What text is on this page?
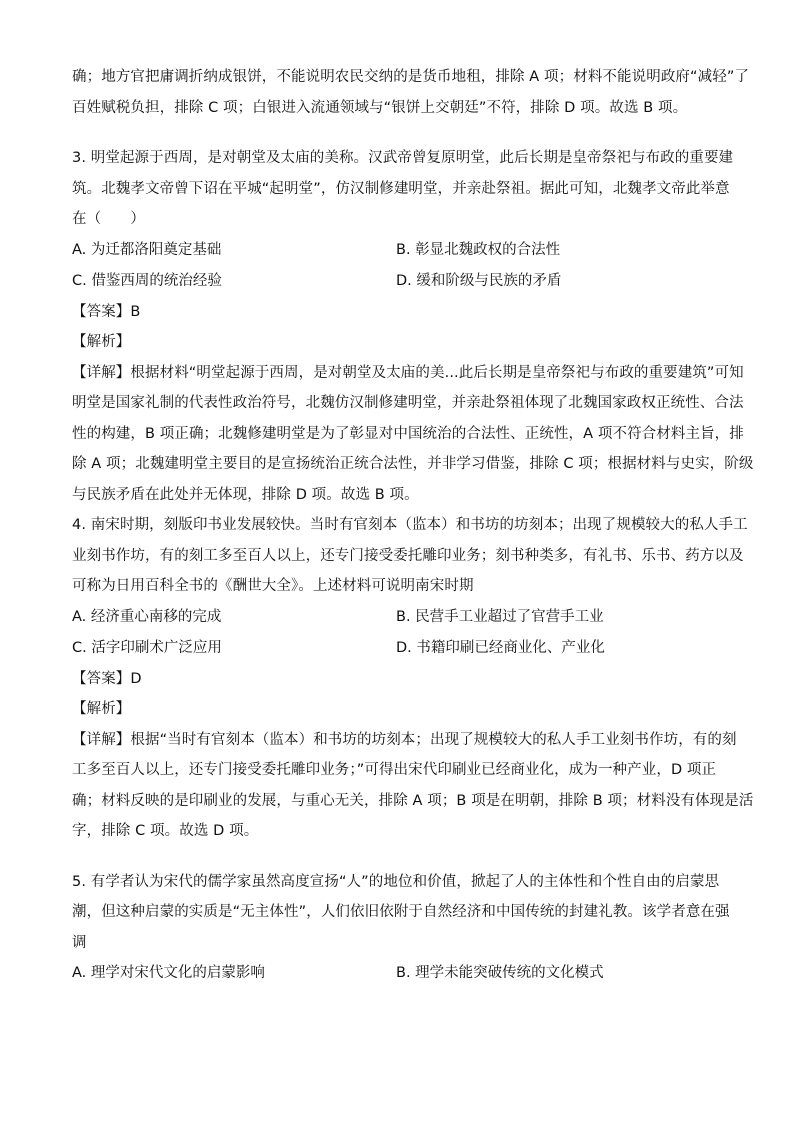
确；地方官把庸调折纳成银饼，不能说明农民交纳的是货币地租，排除 A 项；材料不能说明政府“减轻”了
百姓赋税负担，排除 C 项；白银进入流通领域与“银饼上交朝廷”不符，排除 D 项。故选 B 项。
3. 明堂起源于西周，是对朝堂及太庙的美称。汉武帝曾复原明堂，此后长期是皇帝祭祀与布政的重要建
筑。北魏孝文帝曾下诏在平城“起明堂”，仿汉制修建明堂，并亲赴祭祖。据此可知，北魏孝文帝此举意
在（　　）
A. 为迁都洛阳奠定基础	B. 彰显北魏政权的合法性
C. 借鉴西周的统治经验	D. 缓和阶级与民族的矛盾
【答案】B
【解析】
【详解】根据材料“明堂起源于西周，是对朝堂及太庙的美...此后长期是皇帝祭祀与布政的重要建筑”可知
明堂是国家礼制的代表性政治符号，北魏仿汉制修建明堂，并亲赴祭祖体现了北魏国家政权正统性、合法
性的构建，B 项正确；北魏修建明堂是为了彰显对中国统治的合法性、正统性，A 项不符合材料主旨，排
除 A 项；北魏建明堂主要目的是宣扬统治正统合法性，并非学习借鉴，排除 C 项；根据材料与史实，阶级
与民族矛盾在此处并无体现，排除 D 项。故选 B 项。
4. 南宋时期，刻版印书业发展较快。当时有官刻本（监本）和书坊的坊刻本；出现了规模较大的私人手工
业刻书作坊，有的刻工多至百人以上，还专门接受委托雕印业务；刻书种类多，有礼书、乐书、药方以及
可称为日用百科全书的《酬世大全》。上述材料可说明南宋时期
A. 经济重心南移的完成	B. 民营手工业超过了官营手工业
C. 活字印刷术广泛应用	D. 书籍印刷已经商业化、产业化
【答案】D
【解析】
【详解】根据“当时有官刻本（监本）和书坊的坊刻本；出现了规模较大的私人手工业刻书作坊，有的刻
工多至百人以上，还专门接受委托雕印业务；”可得出宋代印刷业已经商业化，成为一种产业，D 项正
确；材料反映的是印刷业的发展，与重心无关，排除 A 项；B 项是在明朝，排除 B 项；材料没有体现是活
字，排除 C 项。故选 D 项。
5. 有学者认为宋代的儒学家虽然高度宣扬“人”的地位和价值，掀起了人的主体性和个性自由的启蒙思
潮，但这种启蒙的实质是“无主体性”，人们依旧依附于自然经济和中国传统的封建礼教。该学者意在强
调
A. 理学对宋代文化的启蒙影响	B. 理学未能突破传统的文化模式
